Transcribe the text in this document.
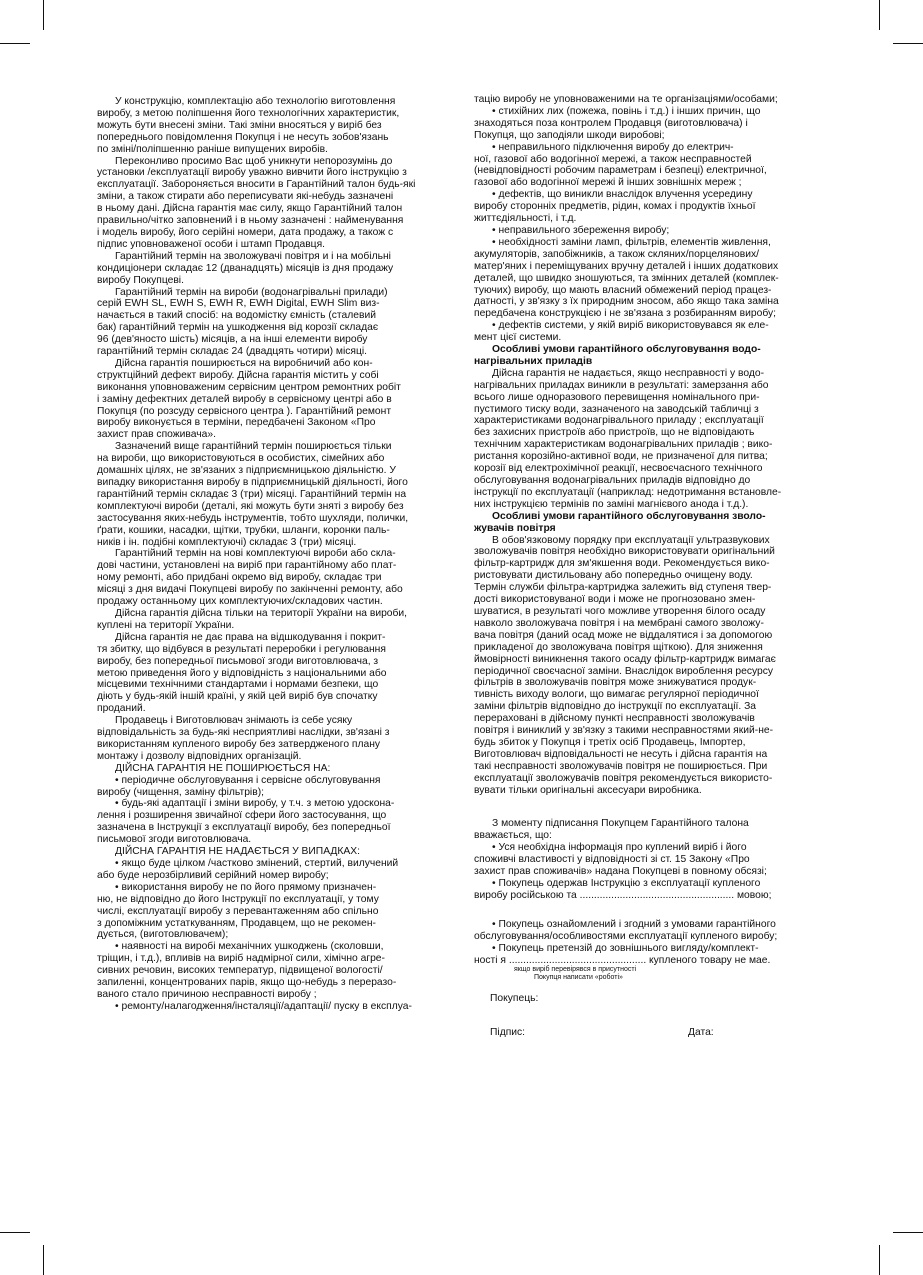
У конструкцію, комплектацію або технологію виготовлення
виробу, з метою поліпшення його технологічних характеристик,
можуть бути внесені зміни. Такі зміни вносяться у виріб без
попереднього повідомлення Покупця і не несуть зобов'язань
по зміні/поліпшенню раніше випущених виробів.
Переконливо просимо Вас щоб уникнути непорозумінь до
установки /експлуатації виробу уважно вивчити його інструкцію з
експлуатації. Забороняється вносити в Гарантійний талон будь-які
зміни, а також стирати або переписувати які-небудь зазначені
в ньому дані. Дійсна гарантія має силу, якщо Гарантійний талон
правильно/чітко заповнений і в ньому зазначені : найменування
і модель виробу, його серійні номери, дата продажу, а також с
підпис уповноваженої особи і штамп Продавця.
Гарантійний термін на зволожувачі повітря и і на мобільні
кондиціонери складає 12 (дванадцять) місяців із дня продажу
виробу Покупцеві.
Гарантійний термін на вироби (водонагрівальні прилади)
серій EWH SL, EWH S, EWH R, EWH Digital, EWH Slim виз-
начається в такий спосіб: на водомістку ємність (сталевий
бак) гарантійний термін на ушкодження від корозії складає
96 (дев'яносто шість) місяців, а на інші елементи виробу
гарантійний термін складає 24 (двадцять чотири) місяці.
Дійсна гарантія поширюється на виробничий або кон-
структційний дефект виробу. Дійсна гарантія містить у собі
виконання уповноваженим сервісним центром ремонтних робіт
і заміну дефектних деталей виробу в сервісному центрі або в
Покупця (по розсуду сервісного центра ). Гарантійний ремонт
виробу виконується в терміни, передбачені Законом «Про
захист прав споживача».
Зазначений вище гарантійний термін поширюється тільки
на вироби, що використовуються в особистих, сімейних або
домашніх цілях, не зв'язаних з підприємницькою діяльністю. У
випадку використання виробу в підприємницькій діяльності, його
гарантійний термін складає 3 (три) місяці. Гарантійний термін на
комплектуючі вироби (деталі, які можуть бути зняті з виробу без
застосування яких-небудь інструментів, тобто шухляди, полички,
ґрати, кошики, насадки, щітки, трубки, шланги, коронки паль-
ників і ін. подібні комплектуючі) складає 3 (три) місяці.
Гарантійний термін на нові комплектуючі вироби або скла-
дові частини, установлені на виріб при гарантійному або плат-
ному ремонті, або придбані окремо від виробу, складає три
місяці з дня видачі Покупцеві виробу по закінченні ремонту, або
продажу останньому цих комплектуючих/складових частин.
Дійсна гарантія дійсна тільки на території України на вироби,
куплені на території України.
Дійсна гарантія не дає права на відшкодування і покрит-
тя збитку, що відбувся в результаті переробки і регулювання
виробу, без попередньої письмової згоди виготовлювача, з
метою приведення його у відповідність з національними або
місцевими технічними стандартами і нормами безпеки, що
діють у будь-якій іншій країні, у якій цей виріб був спочатку
проданий.
Продавець і Виготовлювач знімають із себе усяку
відповідальність за будь-які несприятливі наслідки, зв'язані з
використанням купленого виробу без затвердженого плану
монтажу і дозволу відповідних організацій.
ДІЙСНА ГАРАНТІЯ НЕ ПОШИРЮЄТЬСЯ НА:
• періодичне обслуговування і сервісне обслуговування
виробу (чищення, заміну фільтрів);
• будь-які адаптації і зміни виробу, у т.ч. з метою удоскона-
лення і розширення звичайної сфери його застосування, що
зазначена в Інструкції з експлуатації виробу, без попередньої
письмової згоди виготовлювача.
ДІЙСНА ГАРАНТІЯ НЕ НАДАЄТЬСЯ У ВИПАДКАХ:
• якщо буде цілком /частково змінений, стертий, вилучений
або буде нерозбірливий серійний номер виробу;
• використання виробу не по його прямому призначен-
ню, не відповідно до його Інструкції по експлуатації, у тому
числі, експлуатації виробу з перевантаженням або спільно
з допоміжним устаткуванням, Продавцем, що не рекомен-
дується, (виготовлювачем);
• наявності на виробі механічних ушкоджень (сколовши,
тріщин, і т.д.), впливів на виріб надмірної сили, хімічно агре-
сивних речовин, високих температур, підвищеної вологості/
запиленні, концентрованих парів, якщо що-небудь з переразо-
ваного стало причиною несправності виробу ;
• ремонту/налагодження/інсталяції/адаптації/ пуску в експлуа-
тацію виробу не уповноваженими на те організаціями/особами;
• стихійних лих (пожежа, повінь і т.д.) і інших причин, що
знаходяться поза контролем Продавця (виготовлювача) і
Покупця, що заподіяли шкоди виробові;
• неправильного підключення виробу до електрич-
ної, газової або водогінної мережі, а також несправностей
(невідповідності робочим параметрам і безпеці) електричної,
газової або водогінної мережі й інших зовнішніх мереж ;
• дефектів, що виникли внаслідок влучення усередину
виробу сторонніх предметів, рідин, комах і продуктів їхньої
життєдіяльності, і т.д.
• неправильного збереження виробу;
• необхідності заміни ламп, фільтрів, елементів живлення,
акумуляторів, запобіжників, а також скляних/порцелянових/
матер'яних і переміщуваних вручну деталей і інших додаткових
деталей, що швидко зношуються, та змінних деталей (комплек-
туючих) виробу, що мають власний обмежений період працез-
датності, у зв'язку з їх природним зносом, або якщо така заміна
передбачена конструкцією і не зв'язана з розбиранням виробу;
• дефектів системи, у якій виріб використовувався як еле-
мент цієї системи.
Особливі умови гарантійного обслуговування водо-
нагрівальних приладів
Дійсна гарантія не надається, якщо несправності у водо-
нагрівальних приладах виникли в результаті: замерзання або
всього лише одноразового перевищення номінального при-
пустимого тиску води, зазначеного на заводській табличці з
характеристиками водонагрівального приладу ; експлуатації
без захисних пристроїв або пристроїв, що не відповідають
технічним характеристикам водонагрівальних приладів ; вико-
ристання корозійно-активної води, не призначеної для питва;
корозії від електрохімічної реакції, несвоєчасного технічного
обслуговування водонагрівальних приладів відповідно до
інструкції по експлуатації (наприклад: недотримання встановле-
них інструкцією термінів по заміні магнієвого анода і т.д.).
Особливі умови гарантійного обслуговування зволо-
жувачів повітря
В обов'язковому порядку при експлуатації ультразвукових
зволожувачів повітря необхідно використовувати оригінальний
фільтр-картридж для зм'якшення води. Рекомендується вико-
ристовувати дистильовану або попередньо очищену воду.
Термін служби фільтра-картриджа залежить від ступеня твер-
дості використовуваної води і може не прогнозовано змен-
шуватися, в результаті чого можливе утворення білого осаду
навколо зволожувача повітря і на мембрані самого зволожу-
вача повітря (даний осад може не віддалятися і за допомогою
прикладеної до зволожувача повітря щіткою). Для зниження
ймовірності виникнення такого осаду фільтр-картридж вимагає
періодичної своєчасної заміни. Внаслідок вироблення ресурсу
фільтрів в зволожувачів повітря може знижуватися продук-
тивність виходу вологи, що вимагає регулярної періодичної
заміни фільтрів відповідно до інструкції по експлуатації. За
перераховані в дійсному пункті несправності зволожувачів
повітря і виниклий у зв'язку з такими несправностями який-не-
будь збиток у Покупця і третіх осіб Продавець, Імпортер,
Виготовлювач відповідальності не несуть і дійсна гарантія на
такі несправності зволожувачів повітря не поширюється. При
експлуатації зволожувачів повітря рекомендується використо-
вувати тільки оригінальні аксесуари виробника.
З моменту підписання Покупцем Гарантійного талона
вважається, що:
• Уся необхідна інформація про куплений виріб і його
споживчі властивості у відповідності зі ст. 15 Закону «Про
захист прав споживачів» надана Покупцеві в повному обсязі;
• Покупець одержав Інструкцію з експлуатації купленого
виробу російською та ...................................................... мовою;
• Покупець ознайомлений і згодний з умовами гарантійного
обслуговування/особливостями експлуатації купленого виробу;
• Покупець претензій до зовнішнього вигляду/комплект-
ності я ................................................ купленого товару не мае.
якщо виріб перевірявся в присутності
Покупця написати «роботі»
Покупець:
Підпис:	Дата:
